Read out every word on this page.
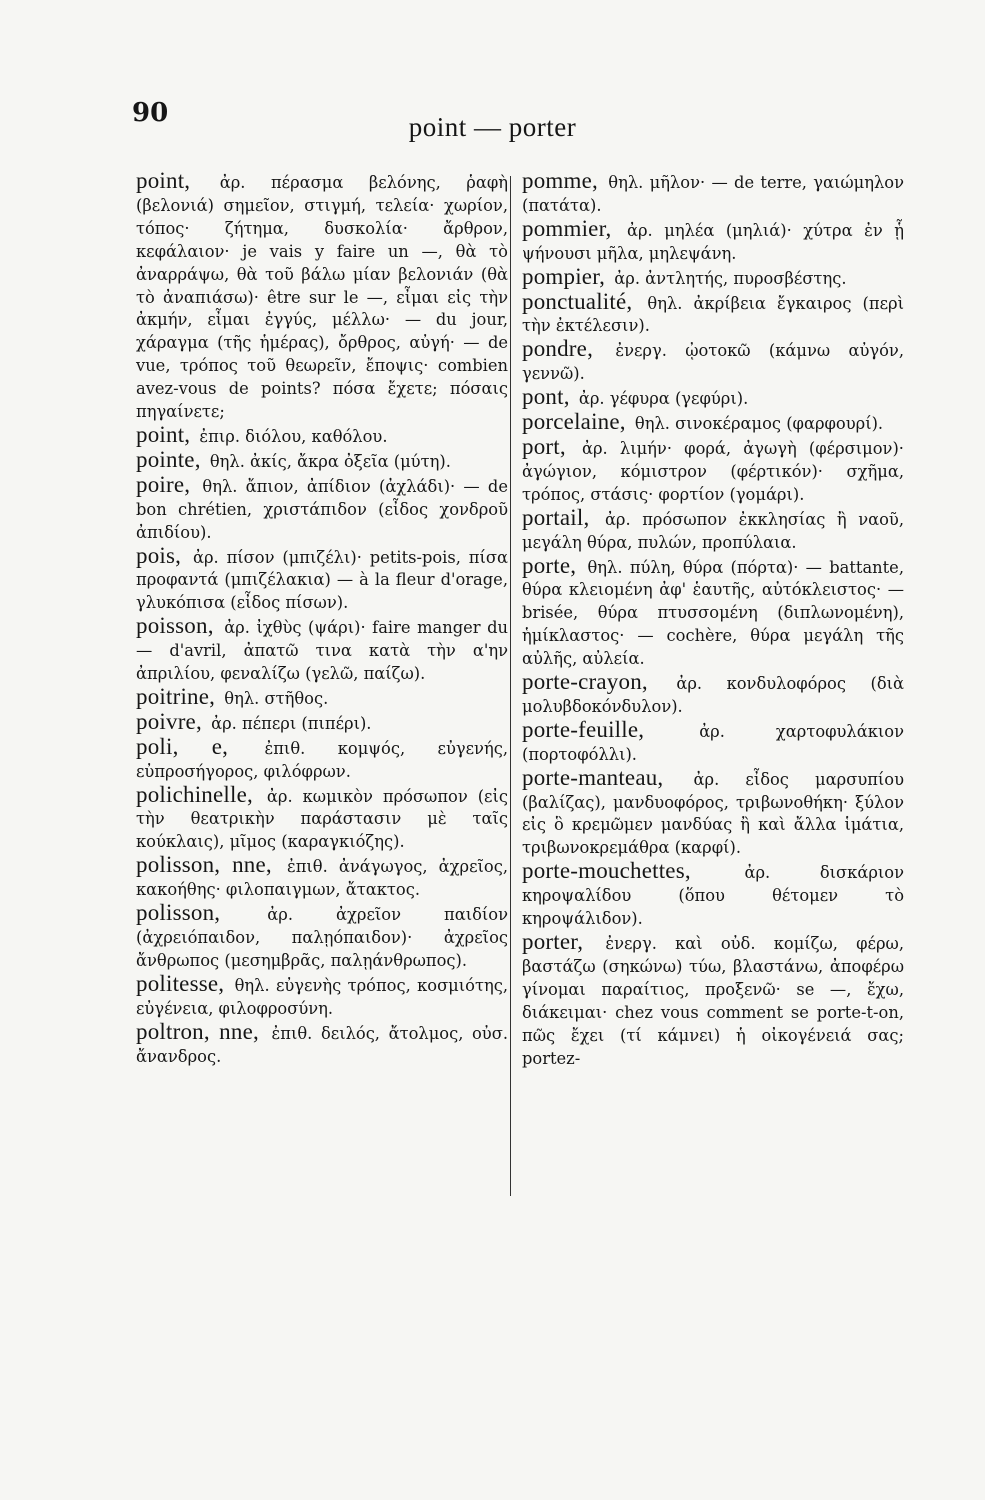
90	point — porter

point, ἀρ. πέρασμα βελόνης, ῥαφὴ (βελονιά) σημεῖον, στιγμή, τελεία· χωρίον, τόπος· ζήτημα, δυσκολία· ἄρθρον, κεφάλαιον· je vais y faire un —, θὰ τὸ ἀναρράψω, θὰ τοῦ βάλω μίαν βελονιάν (θὰ τὸ ἀναπιάσω)· être sur le —, εἶμαι εἰς τὴν ἀκμήν, εἶμαι ἐγγύς, μέλλω· — du jour, χάραγμα (τῆς ἡμέρας), ὄρθρος, αὐγή· — de vue, τρόπος τοῦ θεωρεῖν, ἔποψις· combien avez-vous de points? πόσα ἔχετε; πόσαις πηγαίνετε;

point, ἐπιρ. διόλου, καθόλου.

pointe, θηλ. ἀκίς, ἄκρα ὀξεῖα (μύτη).

poire, θηλ. ἄπιον, ἀπίδιον (ἀχλάδι)· — de bon chrétien, χριστάπιδον (εἶδος χονδροῦ ἀπιδίου).

pois, ἀρ. πίσον (μπιζέλι)· petits-pois, πίσα προφαντά (μπιζέλακια) — à la fleur d'orage, γλυκόπισα (εἶδος πίσων).

poisson, ἀρ. ἰχθὺς (ψάρι)· faire manger du — d'avril, ἀπατῶ τινα κατὰ τὴν α'ην ἀπριλίου, φεναλίζω (γελῶ, παίζω).

poitrine, θηλ. στῆθος.

poivre, ἀρ. πέπερι (πιπέρι).

poli, e, ἐπιθ. κομψός, εὐγενής, εὐπροσήγορος, φιλόφρων.

polichinelle, ἀρ. κωμικὸν πρόσωπον (εἰς τὴν θεατρικὴν παράστασιν μὲ ταῖς κούκλαις), μῖμος (καραγκιόζης).

polisson, nne, ἐπιθ. ἀνάγωγος, ἀχρεῖος, κακοήθης· φιλοπαιγμων, ἄτακτος.

polisson,	ἀρ. ἀχρεῖον παιδίον (ἀχρειόπαιδον, παλῃόπαιδον)· ἀχρεῖος ἄνθρωπος (μεσημβρᾶς, παλῃάνθρωπος).

politesse, θηλ. εὐγενὴς τρόπος, κοσμιότης, εὐγένεια, φιλοφροσύνη.

poltron, nne, ἐπιθ. δειλός, ἄτολμος, οὐσ. ἄνανδρος.

pomme, θηλ. μῆλον· — de terre, γαιώμηλον (πατάτα).

pommier, ἀρ. μηλέα (μηλιά)· χύτρα ἐν ᾗ ψήνουσι μῆλα, μηλεψάνη.

pompier, ἀρ. ἀντλητής, πυροσβέστης.

ponctualité, θηλ. ἀκρίβεια ἔγκαιρος (περὶ τὴν ἐκτέλεσιν).

pondre, ἐνεργ. ᾠοτοκῶ (κάμνω αὐγόν, γεννῶ).

pont, ἀρ. γέφυρα (γεφύρι).

porcelaine, θηλ. σινοκέραμος (φαρφουρί).

port, ἀρ. λιμήν· φορά, ἀγωγὴ (φέρσιμον)· ἀγώγιον, κόμιστρον (φέρτικόν)· σχῆμα, τρόπος, στάσις· φορτίον (γομάρι).

portail, ἀρ. πρόσωπον ἐκκλησίας ἢ ναοῦ, μεγάλη θύρα, πυλών, προπύλαια.

porte, θηλ. πύλη, θύρα (πόρτα)· — battante, θύρα κλειομένη ἀφ' ἑαυτῆς, αὐτόκλειστος· — brisée, θύρα πτυσσομένη (διπλωνομένη), ἡμίκλαστος· — cochère, θύρα μεγάλη τῆς αὐλῆς, αὐλεία.

porte-crayon, ἀρ. κονδυλοφόρος (διὰ μολυβδοκόνδυλον).

porte-feuille,	ἀρ. χαρτοφυλάκιον (πορτοφόλλι).

porte-manteau, ἀρ. εἶδος μαρσυπίου (βαλίζας), μανδυοφόρος, τριβωνοθήκη· ξύλον εἰς ὃ κρεμῶμεν μανδύας ἢ καὶ ἄλλα ἱμάτια, τριβωνοκρεμάθρα (καρφί).

porte-mouchettes,	ἀρ. δισκάριον κηροψαλίδου (ὅπου θέτομεν τὸ κηροψάλιδον).

porter, ἐνεργ. καὶ οὐδ. κομίζω, φέρω, βαστάζω (σηκώνω) τύω, βλαστάνω, ἀποφέρω γίνομαι παραίτιος, προξενῶ· se —, ἔχω, διάκειμαι· chez vous comment se porte-t-on, πῶς ἔχει (τί κάμνει) ἡ οἰκογένειά σας; portez-
